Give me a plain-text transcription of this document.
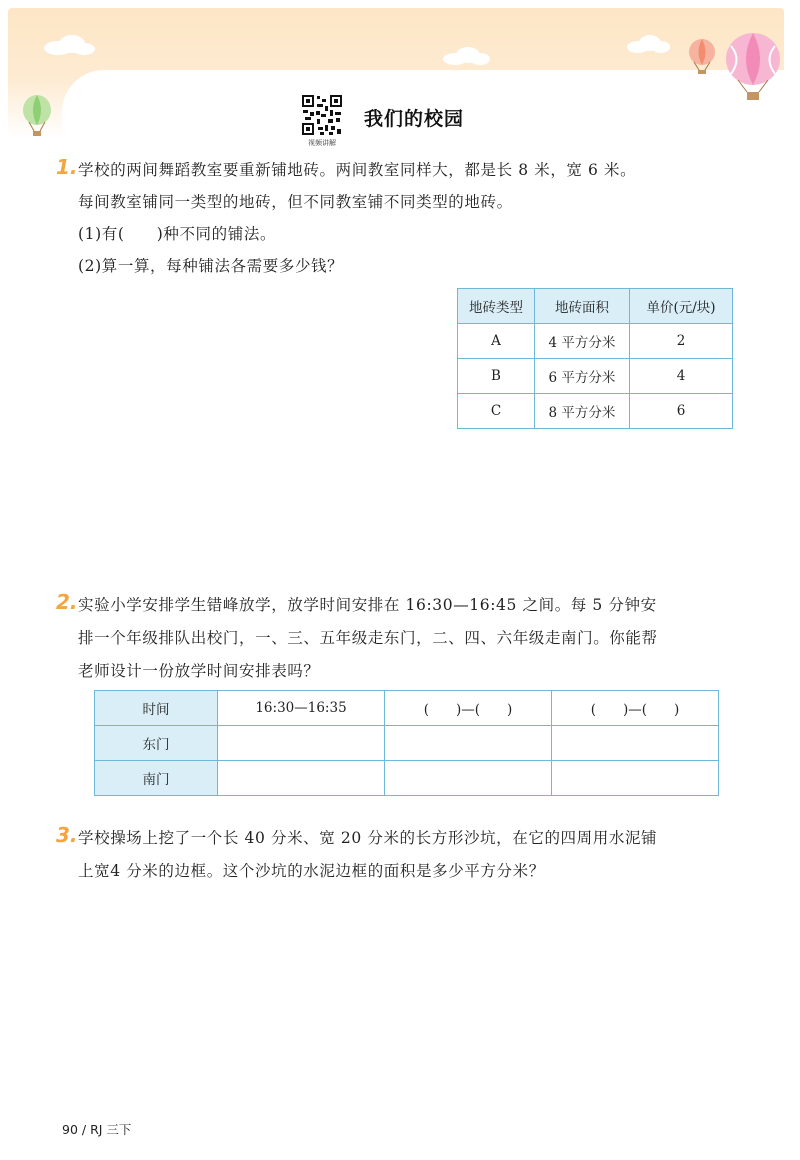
视频讲解
我们的校园
1. 学校的两间舞蹈教室要重新铺地砖。两间教室同样大，都是长 8 米，宽 6 米。
每间教室铺同一类型的地砖，但不同教室铺不同类型的地砖。
(1)有(　　)种不同的铺法。
(2)算一算，每种铺法各需要多少钱？
地砖类型	地砖面积	单价(元/块)
A	4 平方分米	2
B	6 平方分米	4
C	8 平方分米	6
2. 实验小学安排学生错峰放学，放学时间安排在 16:30—16:45 之间。每 5 分钟安
排一个年级排队出校门，一、三、五年级走东门，二、四、六年级走南门。你能帮
老师设计一份放学时间安排表吗？
时间	16:30—16:35	(　　)—(　　)	(　　)—(　　)
东门			
南门			
3. 学校操场上挖了一个长 40 分米、宽 20 分米的长方形沙坑，在它的四周用水泥铺
上宽4 分米的边框。这个沙坑的水泥边框的面积是多少平方分米？
90 / RJ 三下
